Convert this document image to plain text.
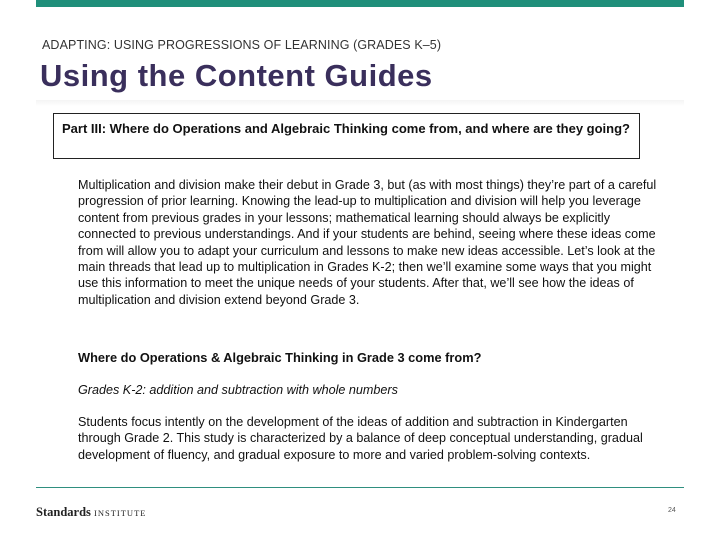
ADAPTING: USING PROGRESSIONS OF LEARNING (GRADES K–5)
Using the Content Guides
Part III: Where do Operations and Algebraic Thinking come from, and where are they going?
Multiplication and division make their debut in Grade 3, but (as with most things) they’re part of a careful progression of prior learning. Knowing the lead-up to multiplication and division will help you leverage content from previous grades in your lessons; mathematical learning should always be explicitly connected to previous understandings. And if your students are behind, seeing where these ideas come from will allow you to adapt your curriculum and lessons to make new ideas accessible. Let’s look at the main threads that lead up to multiplication in Grades K-2; then we’ll examine some ways that you might use this information to meet the unique needs of your students. After that, we’ll see how the ideas of multiplication and division extend beyond Grade 3.
Where do Operations & Algebraic Thinking in Grade 3 come from?
Grades K-2: addition and subtraction with whole numbers
Students focus intently on the development of the ideas of addition and subtraction in Kindergarten through Grade 2. This study is characterized by a balance of deep conceptual understanding, gradual development of fluency, and gradual exposure to more and varied problem-solving contexts.
Standards INSTITUTE	24
